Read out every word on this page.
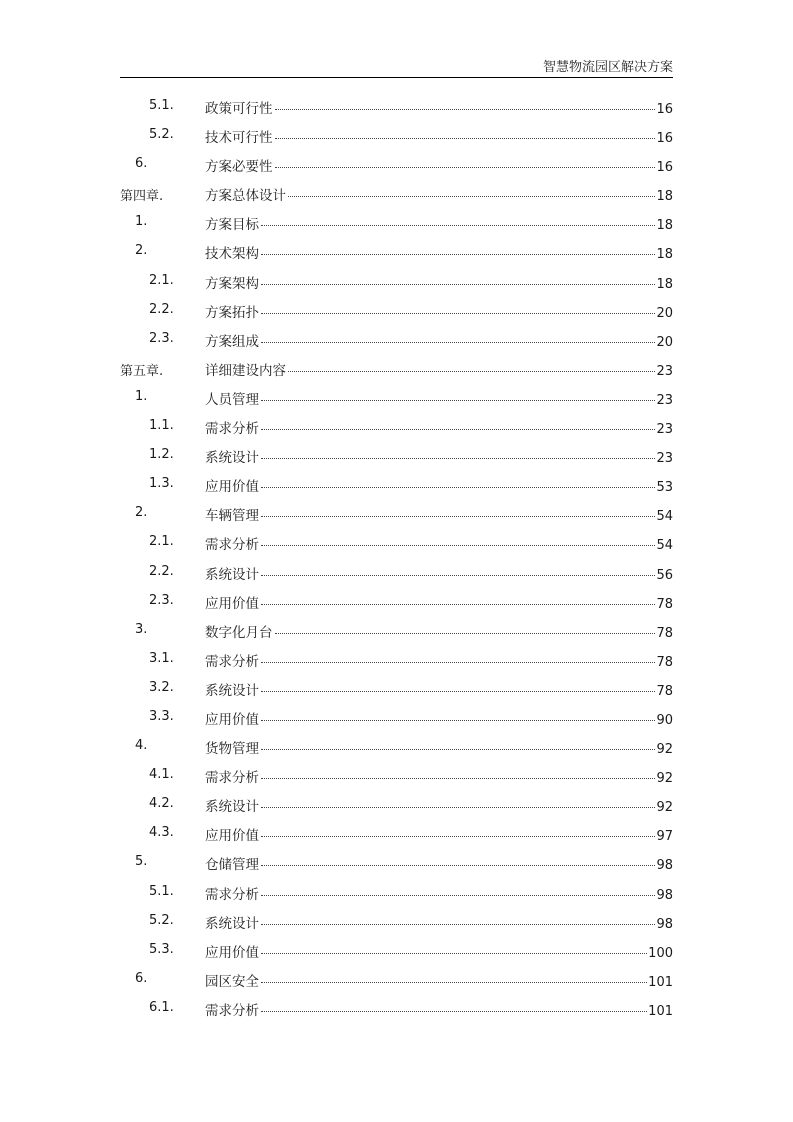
智慧物流园区解决方案
5.1. 政策可行性	16
5.2. 技术可行性	16
6.	方案必要性	16
第四章.	方案总体设计	18
1.	方案目标	18
2.	技术架构	18
2.1. 方案架构	18
2.2. 方案拓扑	20
2.3. 方案组成	20
第五章.	详细建设内容	23
1.	人员管理	23
1.1. 需求分析	23
1.2. 系统设计	23
1.3. 应用价值	53
2.	车辆管理	54
2.1. 需求分析	54
2.2. 系统设计	56
2.3. 应用价值	78
3.	数字化月台	78
3.1. 需求分析	78
3.2. 系统设计	78
3.3. 应用价值	90
4.	货物管理	92
4.1. 需求分析	92
4.2. 系统设计	92
4.3. 应用价值	97
5.	仓储管理	98
5.1. 需求分析	98
5.2. 系统设计	98
5.3. 应用价值	100
6.	园区安全	101
6.1. 需求分析	101
